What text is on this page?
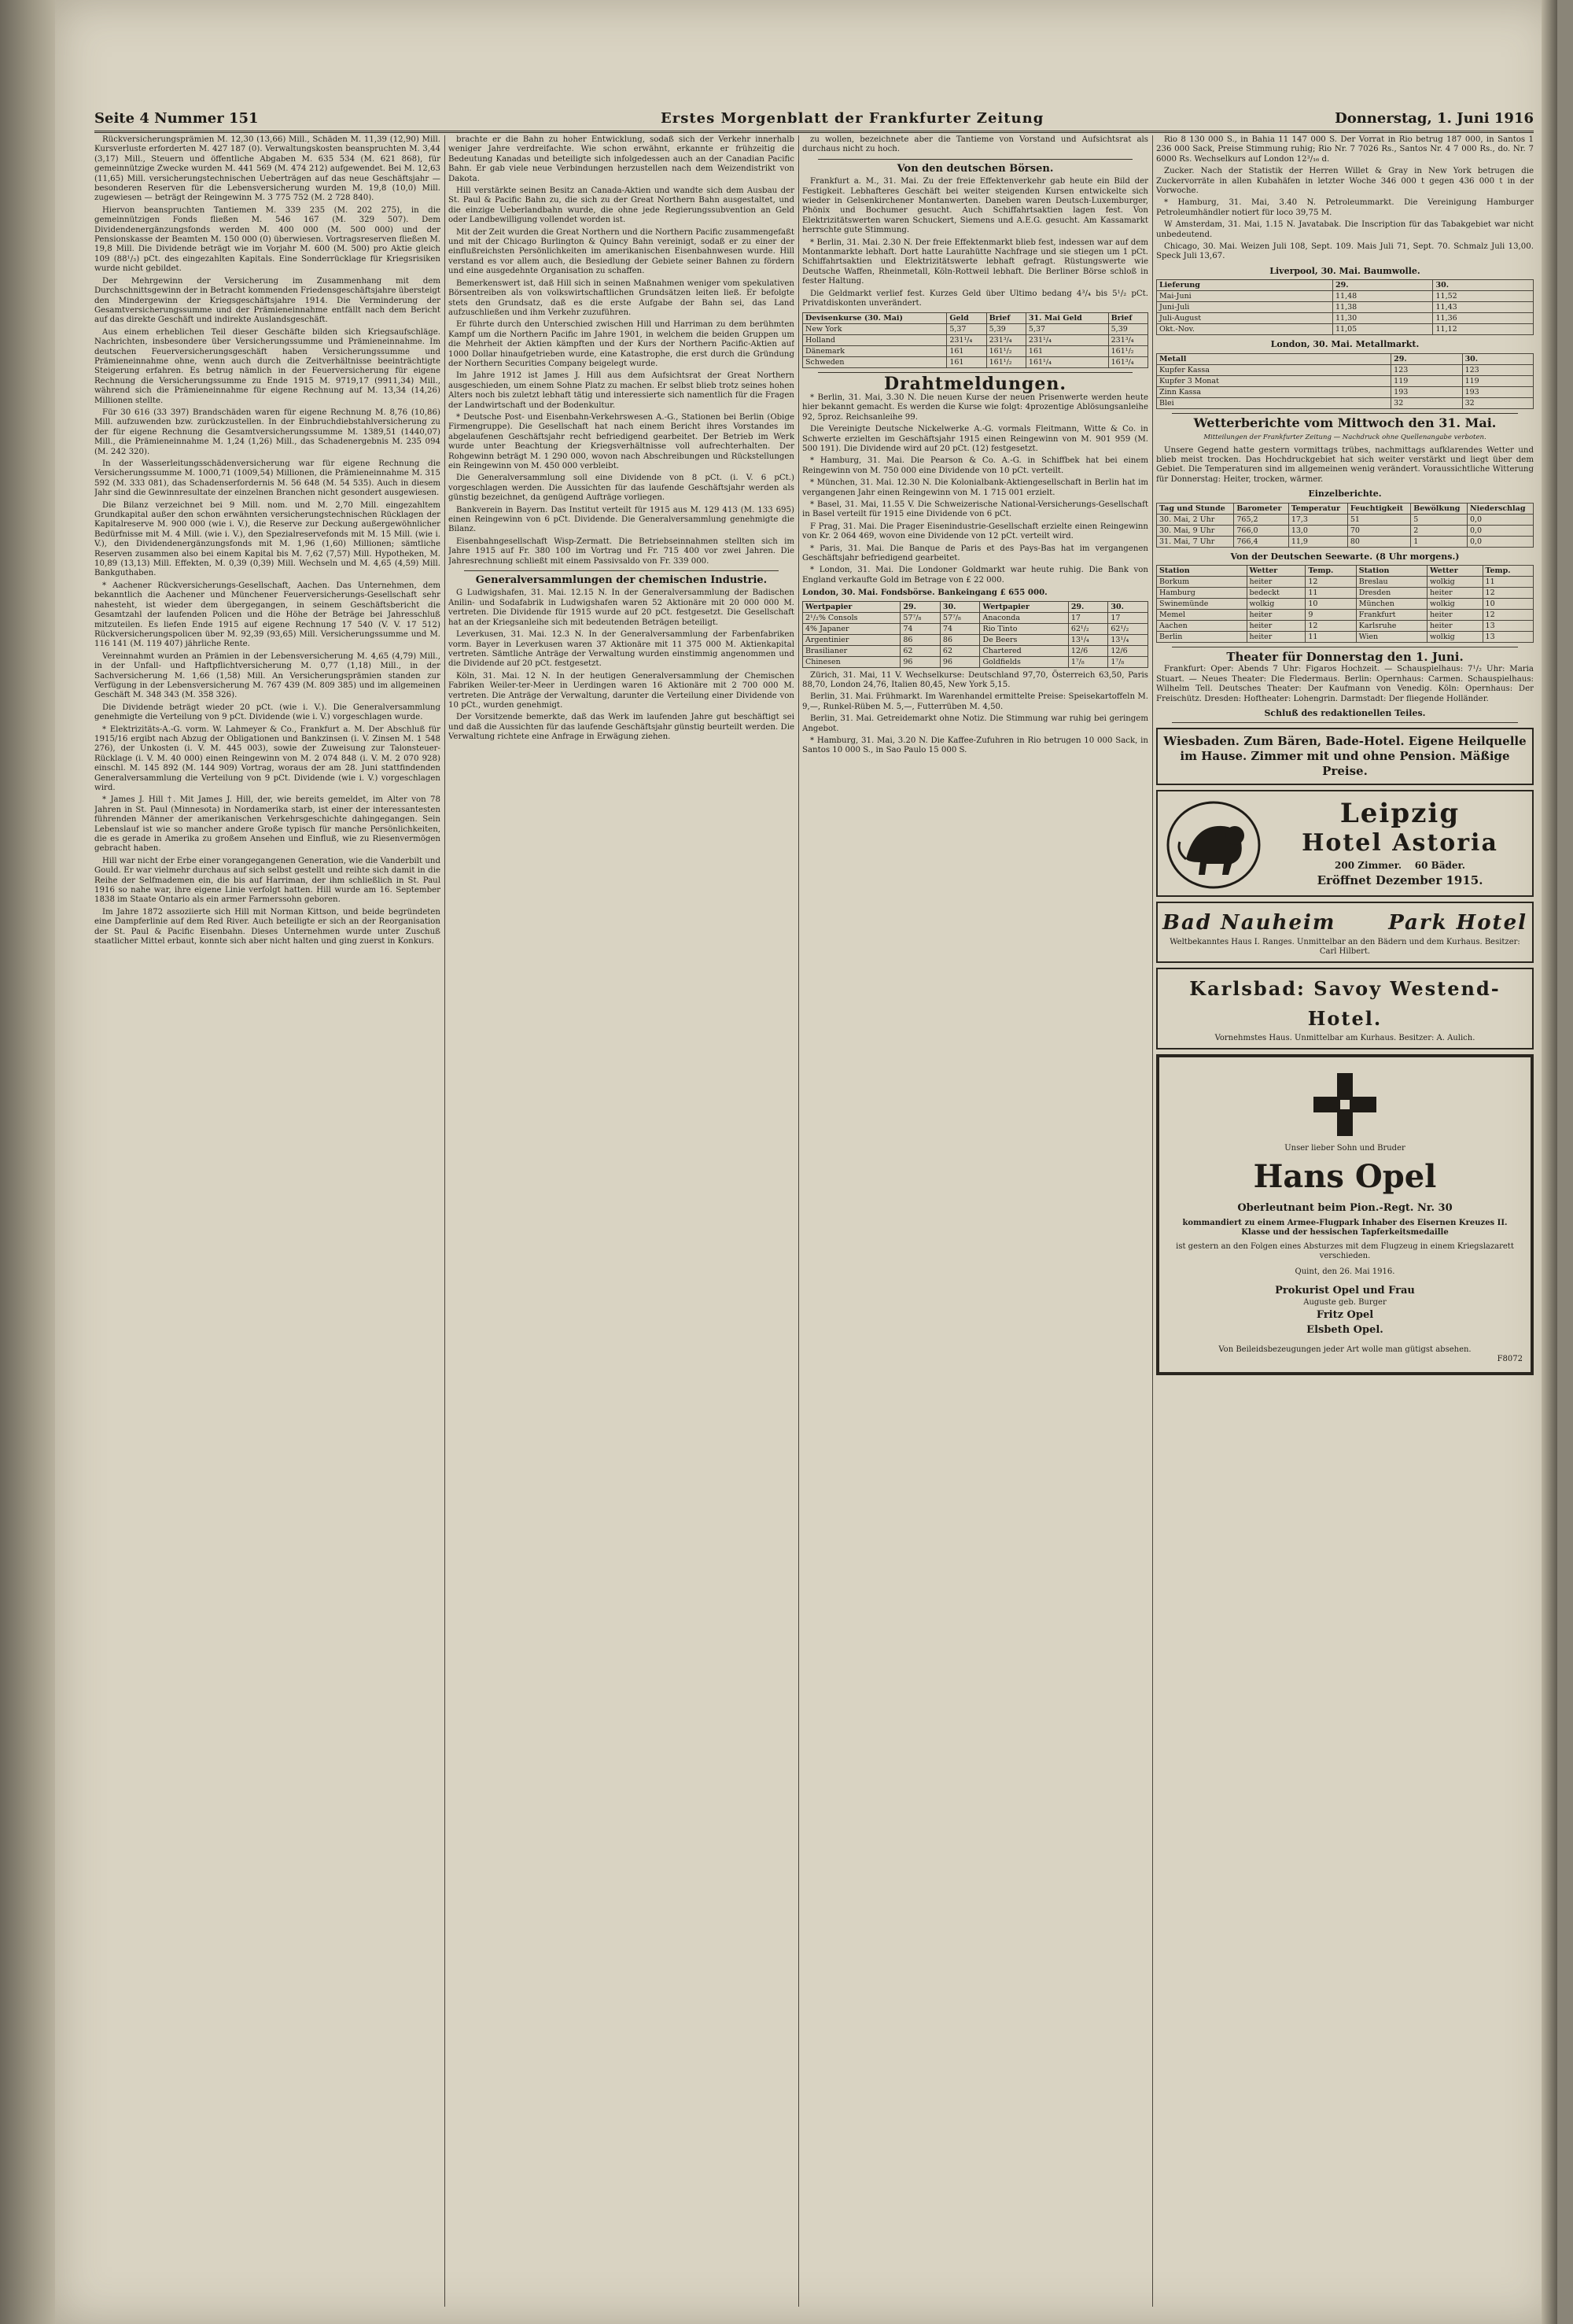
Seite 4 Nummer 151	Erstes Morgenblatt der Frankfurter Zeitung	Donnerstag, 1. Juni 1916

Rückversicherungsprämien M. 12,30 (13,66) Mill., Schäden M. 11,39 (12,90) Mill. Kursverluste erforderten M. 427 187 (0). Verwaltungskosten beanspruchten M. 3,44 (3,17) Mill., Steuern und öffentliche Abgaben M. 635 534 (M. 621 868), für gemeinnützige Zwecke wurden M. 441 569 (M. 474 212) aufgewendet. Bei M. 12,63 (11,65) Mill. versicherungstechnischen Ueberträgen auf das neue Geschäftsjahr — besonderen Reserven für die Lebensversicherung wurden M. 19,8 (10,0) Mill. zugewiesen — beträgt der Reingewinn M. 3 775 752 (M. 2 728 840).

Hiervon beanspruchten Tantiemen M. 339 235 (M. 202 275), in die gemeinnützigen Fonds fließen M. 546 167 (M. 329 507). Dem Dividendenergänzungsfonds werden M. 400 000 (M. 500 000) und der Pensionskasse der Beamten M. 150 000 (0) überwiesen. Vortragsreserven fließen M. 19,8 Mill. Die Dividende beträgt wie im Vorjahr M. 600 (M. 500) pro Aktie gleich 109 (88¹/₃) pCt. des eingezahlten Kapitals. Eine Sonderrücklage für Kriegsrisiken wurde nicht gebildet.

Der Mehrgewinn der Versicherung im Zusammenhang mit dem Durchschnittsgewinn der in Betracht kommenden Friedensgeschäftsjahre übersteigt den Mindergewinn der Kriegsgeschäftsjahre 1914. Die Verminderung der Gesamtversicherungssumme und der Prämieneinnahme entfällt nach dem Bericht auf das direkte Geschäft und indirekte Auslandsgeschäft.

Aus einem erheblichen Teil dieser Geschäfte bilden sich Kriegsaufschläge. Nachrichten, insbesondere über Versicherungssumme und Prämieneinnahme. Im deutschen Feuerversicherungsgeschäft haben Versicherungssumme und Prämieneinnahme ohne, wenn auch durch die Zeitverhältnisse beeinträchtigte Steigerung erfahren. Es betrug nämlich in der Feuerversicherung für eigene Rechnung die Versicherungssumme zu Ende 1915 M. 9719,17 (9911,34) Mill., während sich die Prämieneinnahme für eigene Rechnung auf M. 13,34 (14,26) Millionen stellte.

Für 30 616 (33 397) Brandschäden waren für eigene Rechnung M. 8,76 (10,86) Mill. aufzuwenden bzw. zurückzustellen. In der Einbruchdiebstahlversicherung zu der für eigene Rechnung die Gesamtversicherungssumme M. 1389,51 (1440,07) Mill., die Prämieneinnahme M. 1,24 (1,26) Mill., das Schadenergebnis M. 235 094 (M. 242 320).

In der Wasserleitungsschädenversicherung war für eigene Rechnung die Versicherungssumme M. 1000,71 (1009,54) Millionen, die Prämieneinnahme M. 315 592 (M. 333 081), das Schadenserfordernis M. 56 648 (M. 54 535). Auch in diesem Jahr sind die Gewinnresultate der einzelnen Branchen nicht gesondert ausgewiesen.

Die Bilanz verzeichnet bei 9 Mill. nom. und M. 2,70 Mill. eingezahltem Grundkapital außer den schon erwähnten versicherungstechnischen Rücklagen der Kapitalreserve M. 900 000 (wie i. V.), die Reserve zur Deckung außergewöhnlicher Bedürfnisse mit M. 4 Mill. (wie i. V.), den Spezialreservefonds mit M. 15 Mill. (wie i. V.), den Dividendenergänzungsfonds mit M. 1,96 (1,60) Millionen; sämtliche Reserven zusammen also bei einem Kapital bis M. 7,62 (7,57) Mill. Hypotheken, M. 10,89 (13,13) Mill. Effekten, M. 0,39 (0,39) Mill. Wechseln und M. 4,65 (4,59) Mill. Bankguthaben.

* Aachener Rückversicherungs-Gesellschaft, Aachen. Das Unternehmen, dem bekanntlich die Aachener und Münchener Feuerversicherungs-Gesellschaft sehr nahesteht, ist wieder dem übergegangen, in seinem Geschäftsbericht die Gesamtzahl der laufenden Policen und die Höhe der Beträge bei Jahresschluß mitzuteilen. Es liefen Ende 1915 auf eigene Rechnung 17 540 (V. V. 17 512) Rückversicherungspolicen über M. 92,39 (93,65) Mill. Versicherungssumme und M. 116 141 (M. 119 407) jährliche Rente.

Vereinnahmt wurden an Prämien in der Lebensversicherung M. 4,65 (4,79) Mill., in der Unfall- und Haftpflichtversicherung M. 0,77 (1,18) Mill., in der Sachversicherung M. 1,66 (1,58) Mill. An Versicherungsprämien standen zur Verfügung in der Lebensversicherung M. 767 439 (M. 809 385) und im allgemeinen Geschäft M. 348 343 (M. 358 326).

Die Dividende beträgt wieder 20 pCt. (wie i. V.). Die Generalversammlung genehmigte die Verteilung von 9 pCt. Dividende (wie i. V.) vorgeschlagen wurde.

* Elektrizitäts-A.-G. vorm. W. Lahmeyer & Co., Frankfurt a. M. Der Abschluß für 1915/16 ergibt nach Abzug der Obligationen und Bankzinsen (i. V. Zinsen M. 1 548 276), der Unkosten (i. V. M. 445 003), sowie der Zuweisung zur Talonsteuer-Rücklage (i. V. M. 40 000) einen Reingewinn von M. 2 074 848 (i. V. M. 2 070 928) einschl. M. 145 892 (M. 144 909) Vortrag, woraus der am 28. Juni stattfindenden Generalversammlung die Verteilung von 9 pCt. Dividende (wie i. V.) vorgeschlagen wird.

* James J. Hill †. Mit James J. Hill, der, wie bereits gemeldet, im Alter von 78 Jahren in St. Paul (Minnesota) in Nordamerika starb, ist einer der interessantesten führenden Männer der amerikanischen Verkehrsgeschichte dahingegangen. Sein Lebenslauf ist wie so mancher andere Große typisch für manche Persönlichkeiten, die es gerade in Amerika zu großem Ansehen und Einfluß, wie zu Riesenvermögen gebracht haben.

Hill war nicht der Erbe einer vorangegangenen Generation, wie die Vanderbilt und Gould. Er war vielmehr durchaus auf sich selbst gestellt und reihte sich damit in die Reihe der Selfmademen ein, die bis auf Harriman, der ihm schließlich in St. Paul 1916 so nahe war, ihre eigene Linie verfolgt hatten. Hill wurde am 16. September 1838 im Staate Ontario als ein armer Farmerssohn geboren.

Im Jahre 1872 assoziierte sich Hill mit Norman Kittson, und beide begründeten eine Dampferlinie auf dem Red River. Auch beteiligte er sich an der Reorganisation der St. Paul & Pacific Eisenbahn. Dieses Unternehmen wurde unter Zuschuß staatlicher Mittel erbaut, konnte sich aber nicht halten und ging zuerst in Konkurs.

brachte er die Bahn zu hoher Entwicklung, sodaß sich der Verkehr innerhalb weniger Jahre verdreifachte. Wie schon erwähnt, erkannte er frühzeitig die Bedeutung Kanadas und beteiligte sich infolgedessen auch an der Canadian Pacific Bahn. Er gab viele neue Verbindungen herzustellen nach dem Weizendistrikt von Dakota.

Hill verstärkte seinen Besitz an Canada-Aktien und wandte sich dem Ausbau der St. Paul & Pacific Bahn zu, die sich zu der Great Northern Bahn ausgestaltet, und die einzige Ueberlandbahn wurde, die ohne jede Regierungssubvention an Geld oder Landbewilligung vollendet worden ist.

Mit der Zeit wurden die Great Northern und die Northern Pacific zusammengefaßt und mit der Chicago Burlington & Quincy Bahn vereinigt, sodaß er zu einer der einflußreichsten Persönlichkeiten im amerikanischen Eisenbahnwesen wurde. Hill verstand es vor allem auch, die Besiedlung der Gebiete seiner Bahnen zu fördern und eine ausgedehnte Organisation zu schaffen.

Bemerkenswert ist, daß Hill sich in seinen Maßnahmen weniger vom spekulativen Börsentreiben als von volkswirtschaftlichen Grundsätzen leiten ließ. Er befolgte stets den Grundsatz, daß es die erste Aufgabe der Bahn sei, das Land aufzuschließen und ihm Verkehr zuzuführen.

Er führte durch den Unterschied zwischen Hill und Harriman zu dem berühmten Kampf um die Northern Pacific im Jahre 1901, in welchem die beiden Gruppen um die Mehrheit der Aktien kämpften und der Kurs der Northern Pacific-Aktien auf 1000 Dollar hinaufgetrieben wurde, eine Katastrophe, die erst durch die Gründung der Northern Securities Company beigelegt wurde.

Im Jahre 1912 ist James J. Hill aus dem Aufsichtsrat der Great Northern ausgeschieden, um einem Sohne Platz zu machen. Er selbst blieb trotz seines hohen Alters noch bis zuletzt lebhaft tätig und interessierte sich namentlich für die Fragen der Landwirtschaft und der Bodenkultur.

* Deutsche Post- und Eisenbahn-Verkehrswesen A.-G., Stationen bei Berlin (Obige Firmengruppe). Die Gesellschaft hat nach einem Bericht ihres Vorstandes im abgelaufenen Geschäftsjahr recht befriedigend gearbeitet. Der Betrieb im Werk wurde unter Beachtung der Kriegsverhältnisse voll aufrechterhalten. Der Rohgewinn beträgt M. 1 290 000, wovon nach Abschreibungen und Rückstellungen ein Reingewinn von M. 450 000 verbleibt.

Die Generalversammlung soll eine Dividende von 8 pCt. (i. V. 6 pCt.) vorgeschlagen werden. Die Aussichten für das laufende Geschäftsjahr werden als günstig bezeichnet, da genügend Aufträge vorliegen.

Bankverein in Bayern. Das Institut verteilt für 1915 aus M. 129 413 (M. 133 695) einen Reingewinn von 6 pCt. Dividende. Die Generalversammlung genehmigte die Bilanz.

Eisenbahngesellschaft Wisp-Zermatt. Die Betriebseinnahmen stellten sich im Jahre 1915 auf Fr. 380 100 im Vortrag und Fr. 715 400 vor zwei Jahren. Die Jahresrechnung schließt mit einem Passivsaldo von Fr. 339 000.

Generalversammlungen der chemischen Industrie.

G Ludwigshafen, 31. Mai. 12.15 N. In der Generalversammlung der Badischen Anilin- und Sodafabrik in Ludwigshafen waren 52 Aktionäre mit 20 000 000 M. vertreten. Die Dividende für 1915 wurde auf 20 pCt. festgesetzt. Die Gesellschaft hat an der Kriegsanleihe sich mit bedeutenden Beträgen beteiligt.

Leverkusen, 31. Mai. 12.3 N. In der Generalversammlung der Farbenfabriken vorm. Bayer in Leverkusen waren 37 Aktionäre mit 11 375 000 M. Aktienkapital vertreten. Sämtliche Anträge der Verwaltung wurden einstimmig angenommen und die Dividende auf 20 pCt. festgesetzt.

Köln, 31. Mai. 12 N. In der heutigen Generalversammlung der Chemischen Fabriken Weiler-ter-Meer in Uerdingen waren 16 Aktionäre mit 2 700 000 M. vertreten. Die Anträge der Verwaltung, darunter die Verteilung einer Dividende von 10 pCt., wurden genehmigt.

Der Vorsitzende bemerkte, daß das Werk im laufenden Jahre gut beschäftigt sei und daß die Aussichten für das laufende Geschäftsjahr günstig beurteilt werden. Die Verwaltung richtete eine Anfrage in Erwägung ziehen.

zu wollen, bezeichnete aber die Tantieme von Vorstand und Aufsichtsrat als durchaus nicht zu hoch.

Von den deutschen Börsen.

Frankfurt a. M., 31. Mai. Zu der freie Effektenverkehr gab heute ein Bild der Festigkeit. Lebhafteres Geschäft bei weiter steigenden Kursen entwickelte sich wieder in Gelsenkirchener Montanwerten. Daneben waren Deutsch-Luxemburger, Phönix und Bochumer gesucht. Auch Schiffahrtsaktien lagen fest. Von Elektrizitätswerten waren Schuckert, Siemens und A.E.G. gesucht. Am Kassamarkt herrschte gute Stimmung.

* Berlin, 31. Mai. 2.30 N. Der freie Effektenmarkt blieb fest, indessen war auf dem Montanmarkte lebhaft. Dort hatte Laurahütte Nachfrage und sie stiegen um 1 pCt. Schiffahrtsaktien und Elektrizitätswerte lebhaft gefragt. Rüstungswerte wie Deutsche Waffen, Rheinmetall, Köln-Rottweil lebhaft. Die Berliner Börse schloß in fester Haltung.

Die Geldmarkt verlief fest. Kurzes Geld über Ultimo bedang 4³/₄ bis 5¹/₂ pCt. Privatdiskonten unverändert.

Devisenkurse (30. Mai)	Geld	Brief	31. Mai Geld	Brief
New York	5,37	5,39	5,37	5,39
Holland	231¹/₄	231³/₄	231¹/₄	231³/₄
Dänemark	161	161¹/₂	161	161¹/₂
Schweden	161	161¹/₂	161¹/₄	161³/₄

Drahtmeldungen.

* Berlin, 31. Mai, 3.30 N. Die neuen Kurse der neuen Prisenwerte werden heute hier bekannt gemacht. Es werden die Kurse wie folgt: 4prozentige Ablösungsanleihe 92, 5proz. Reichsanleihe 99.

Die Vereinigte Deutsche Nickelwerke A.-G. vormals Fleitmann, Witte & Co. in Schwerte erzielten im Geschäftsjahr 1915 einen Reingewinn von M. 901 959 (M. 500 191). Die Dividende wird auf 20 pCt. (12) festgesetzt.

* Hamburg, 31. Mai. Die Pearson & Co. A.-G. in Schiffbek hat bei einem Reingewinn von M. 750 000 eine Dividende von 10 pCt. verteilt.

* München, 31. Mai. 12.30 N. Die Kolonialbank-Aktiengesellschaft in Berlin hat im vergangenen Jahr einen Reingewinn von M. 1 715 001 erzielt.

* Basel, 31. Mai, 11.55 V. Die Schweizerische National-Versicherungs-Gesellschaft in Basel verteilt für 1915 eine Dividende von 6 pCt.

F Prag, 31. Mai. Die Prager Eisenindustrie-Gesellschaft erzielte einen Reingewinn von Kr. 2 064 469, wovon eine Dividende von 12 pCt. verteilt wird.

* Paris, 31. Mai. Die Banque de Paris et des Pays-Bas hat im vergangenen Geschäftsjahr befriedigend gearbeitet.

* London, 31. Mai. Die Londoner Goldmarkt war heute ruhig. Die Bank von England verkaufte Gold im Betrage von £ 22 000.

London, 30. Mai. Fondsbörse. Bankeingang £ 655 000.

Wertpapier	29.	30.	Wertpapier	29.	30.
2¹/₂% Consols	57⁷/₈	57⁷/₈	Anaconda	17	17
4% Japaner	74	74	Rio Tinto	62¹/₂	62¹/₂
Argentinier	86	86	De Beers	13¹/₄	13¹/₄
Brasilianer	62	62	Chartered	12/6	12/6
Chinesen	96	96	Goldfields	1⁷/₈	1⁷/₈

Zürich, 31. Mai, 11 V. Wechselkurse: Deutschland 97,70, Österreich 63,50, Paris 88,70, London 24,76, Italien 80,45, New York 5,15.

Berlin, 31. Mai. Frühmarkt. Im Warenhandel ermittelte Preise: Speisekartoffeln M. 9,—, Runkel-Rüben M. 5,—, Futterrüben M. 4,50.

Berlin, 31. Mai. Getreidemarkt ohne Notiz. Die Stimmung war ruhig bei geringem Angebot.

* Hamburg, 31. Mai, 3.20 N. Die Kaffee-Zufuhren in Rio betrugen 10 000 Sack, in Santos 10 000 S., in Sao Paulo 15 000 S.

Rio 8 130 000 S., in Bahia 11 147 000 S. Der Vorrat in Rio betrug 187 000, in Santos 1 236 000 Sack, Preise Stimmung ruhig; Rio Nr. 7 7026 Rs., Santos Nr. 4 7 000 Rs., do. Nr. 7 6000 Rs. Wechselkurs auf London 12³/₁₆ d.

Zucker. Nach der Statistik der Herren Willet & Gray in New York betrugen die Zuckervorräte in allen Kubahäfen in letzter Woche 346 000 t gegen 436 000 t in der Vorwoche.

* Hamburg, 31. Mai, 3.40 N. Petroleummarkt. Die Vereinigung Hamburger Petroleumhändler notiert für loco 39,75 M.

W Amsterdam, 31. Mai, 1.15 N. Javatabak. Die Inscription für das Tabakgebiet war nicht unbedeutend.

Chicago, 30. Mai. Weizen Juli 108, Sept. 109. Mais Juli 71, Sept. 70. Schmalz Juli 13,00. Speck Juli 13,67.

Liverpool, 30. Mai. Baumwolle.

Lieferung	29.	30.
Mai-Juni	11,48	11,52
Juni-Juli	11,38	11,43
Juli-August	11,30	11,36
Okt.-Nov.	11,05	11,12

London, 30. Mai. Metallmarkt.

Metall	29.	30.
Kupfer Kassa	123	123
Kupfer 3 Monat	119	119
Zinn Kassa	193	193
Blei	32	32

Wetterberichte vom Mittwoch den 31. Mai.

Mitteilungen der Frankfurter Zeitung — Nachdruck ohne Quellenangabe verboten.

Unsere Gegend hatte gestern vormittags trübes, nachmittags aufklarendes Wetter und blieb meist trocken. Das Hochdruckgebiet hat sich weiter verstärkt und liegt über dem Gebiet. Die Temperaturen sind im allgemeinen wenig verändert. Voraussichtliche Witterung für Donnerstag: Heiter, trocken, wärmer.

Einzelberichte.

Tag und Stunde	Barometer	Temperatur	Feuchtigkeit	Bewölkung	Niederschlag
30. Mai, 2 Uhr	765,2	17,3	51	5	0,0
30. Mai, 9 Uhr	766,0	13,0	70	2	0,0
31. Mai, 7 Uhr	766,4	11,9	80	1	0,0

Von der Deutschen Seewarte. (8 Uhr morgens.)

Station	Wetter	Temp.	Station	Wetter	Temp.
Borkum	heiter	12	Breslau	wolkig	11
Hamburg	bedeckt	11	Dresden	heiter	12
Swinemünde	wolkig	10	München	wolkig	10
Memel	heiter	9	Frankfurt	heiter	12
Aachen	heiter	12	Karlsruhe	heiter	13
Berlin	heiter	11	Wien	wolkig	13

Theater für Donnerstag den 1. Juni.

Frankfurt: Oper: Abends 7 Uhr: Figaros Hochzeit. — Schauspielhaus: 7¹/₂ Uhr: Maria Stuart. — Neues Theater: Die Fledermaus. Berlin: Opernhaus: Carmen. Schauspielhaus: Wilhelm Tell. Deutsches Theater: Der Kaufmann von Venedig. Köln: Opernhaus: Der Freischütz. Dresden: Hoftheater: Lohengrin. Darmstadt: Der fliegende Holländer.

Schluß des redaktionellen Teiles.

Wiesbaden. Zum Bären, Bade-Hotel. Eigene Heilquelle im Hause. Zimmer mit und ohne Pension. Mäßige Preise.
Leipzig
Hotel Astoria
200 Zimmer. 60 Bäder.
Eröffnet Dezember 1915.
Bad Nauheim	Park Hotel
Weltbekanntes Haus I. Ranges. Unmittelbar an den Bädern und dem Kurhaus. Besitzer: Carl Hilbert.
Karlsbad: Savoy Westend-Hotel.
Vornehmstes Haus. Unmittelbar am Kurhaus. Besitzer: A. Aulich.
Unser lieber Sohn und Bruder
Hans Opel
Oberleutnant beim Pion.-Regt. Nr. 30
kommandiert zu einem Armee-Flugpark Inhaber des Eisernen Kreuzes II. Klasse und der hessischen Tapferkeitsmedaille
ist gestern an den Folgen eines Absturzes mit dem Flugzeug in einem Kriegslazarett verschieden.
Quint, den 26. Mai 1916.
Prokurist Opel und Frau
Auguste geb. Burger
Fritz Opel
Elsbeth Opel.
Von Beileidsbezeugungen jeder Art wolle man gütigst absehen.
F8072
